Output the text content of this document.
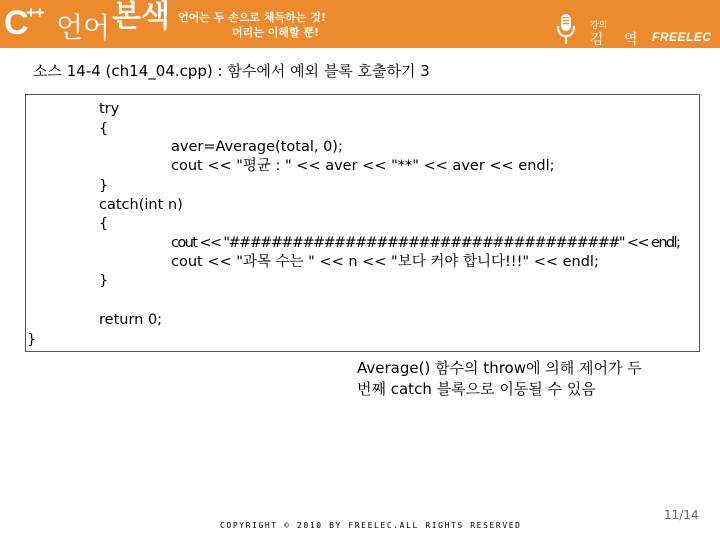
C
++ 언어 본색 언어는 두 손으로 체득하는 것!
머리는 이해할 뿐!	강의
김 역 FREELEC
소스 14-4 (ch14_04.cpp) : 함수에서 예외 블록 호출하기 3
try
{
aver=Average(total, 0);
cout << "평균 : " << aver << "**" << aver << endl;
}
catch(int n)
{
cout << "#####################################" << endl;
cout << "과목 수는 " << n << "보다 커야 합니다!!!" << endl;
}
return 0;
}
Average() 함수의 throw에 의해 제어가 두번째 catch 블록으로 이동될 수 있음
COPYRIGHT © 2010 BY FREELEC.ALL RIGHTS RESERVED
11/14
